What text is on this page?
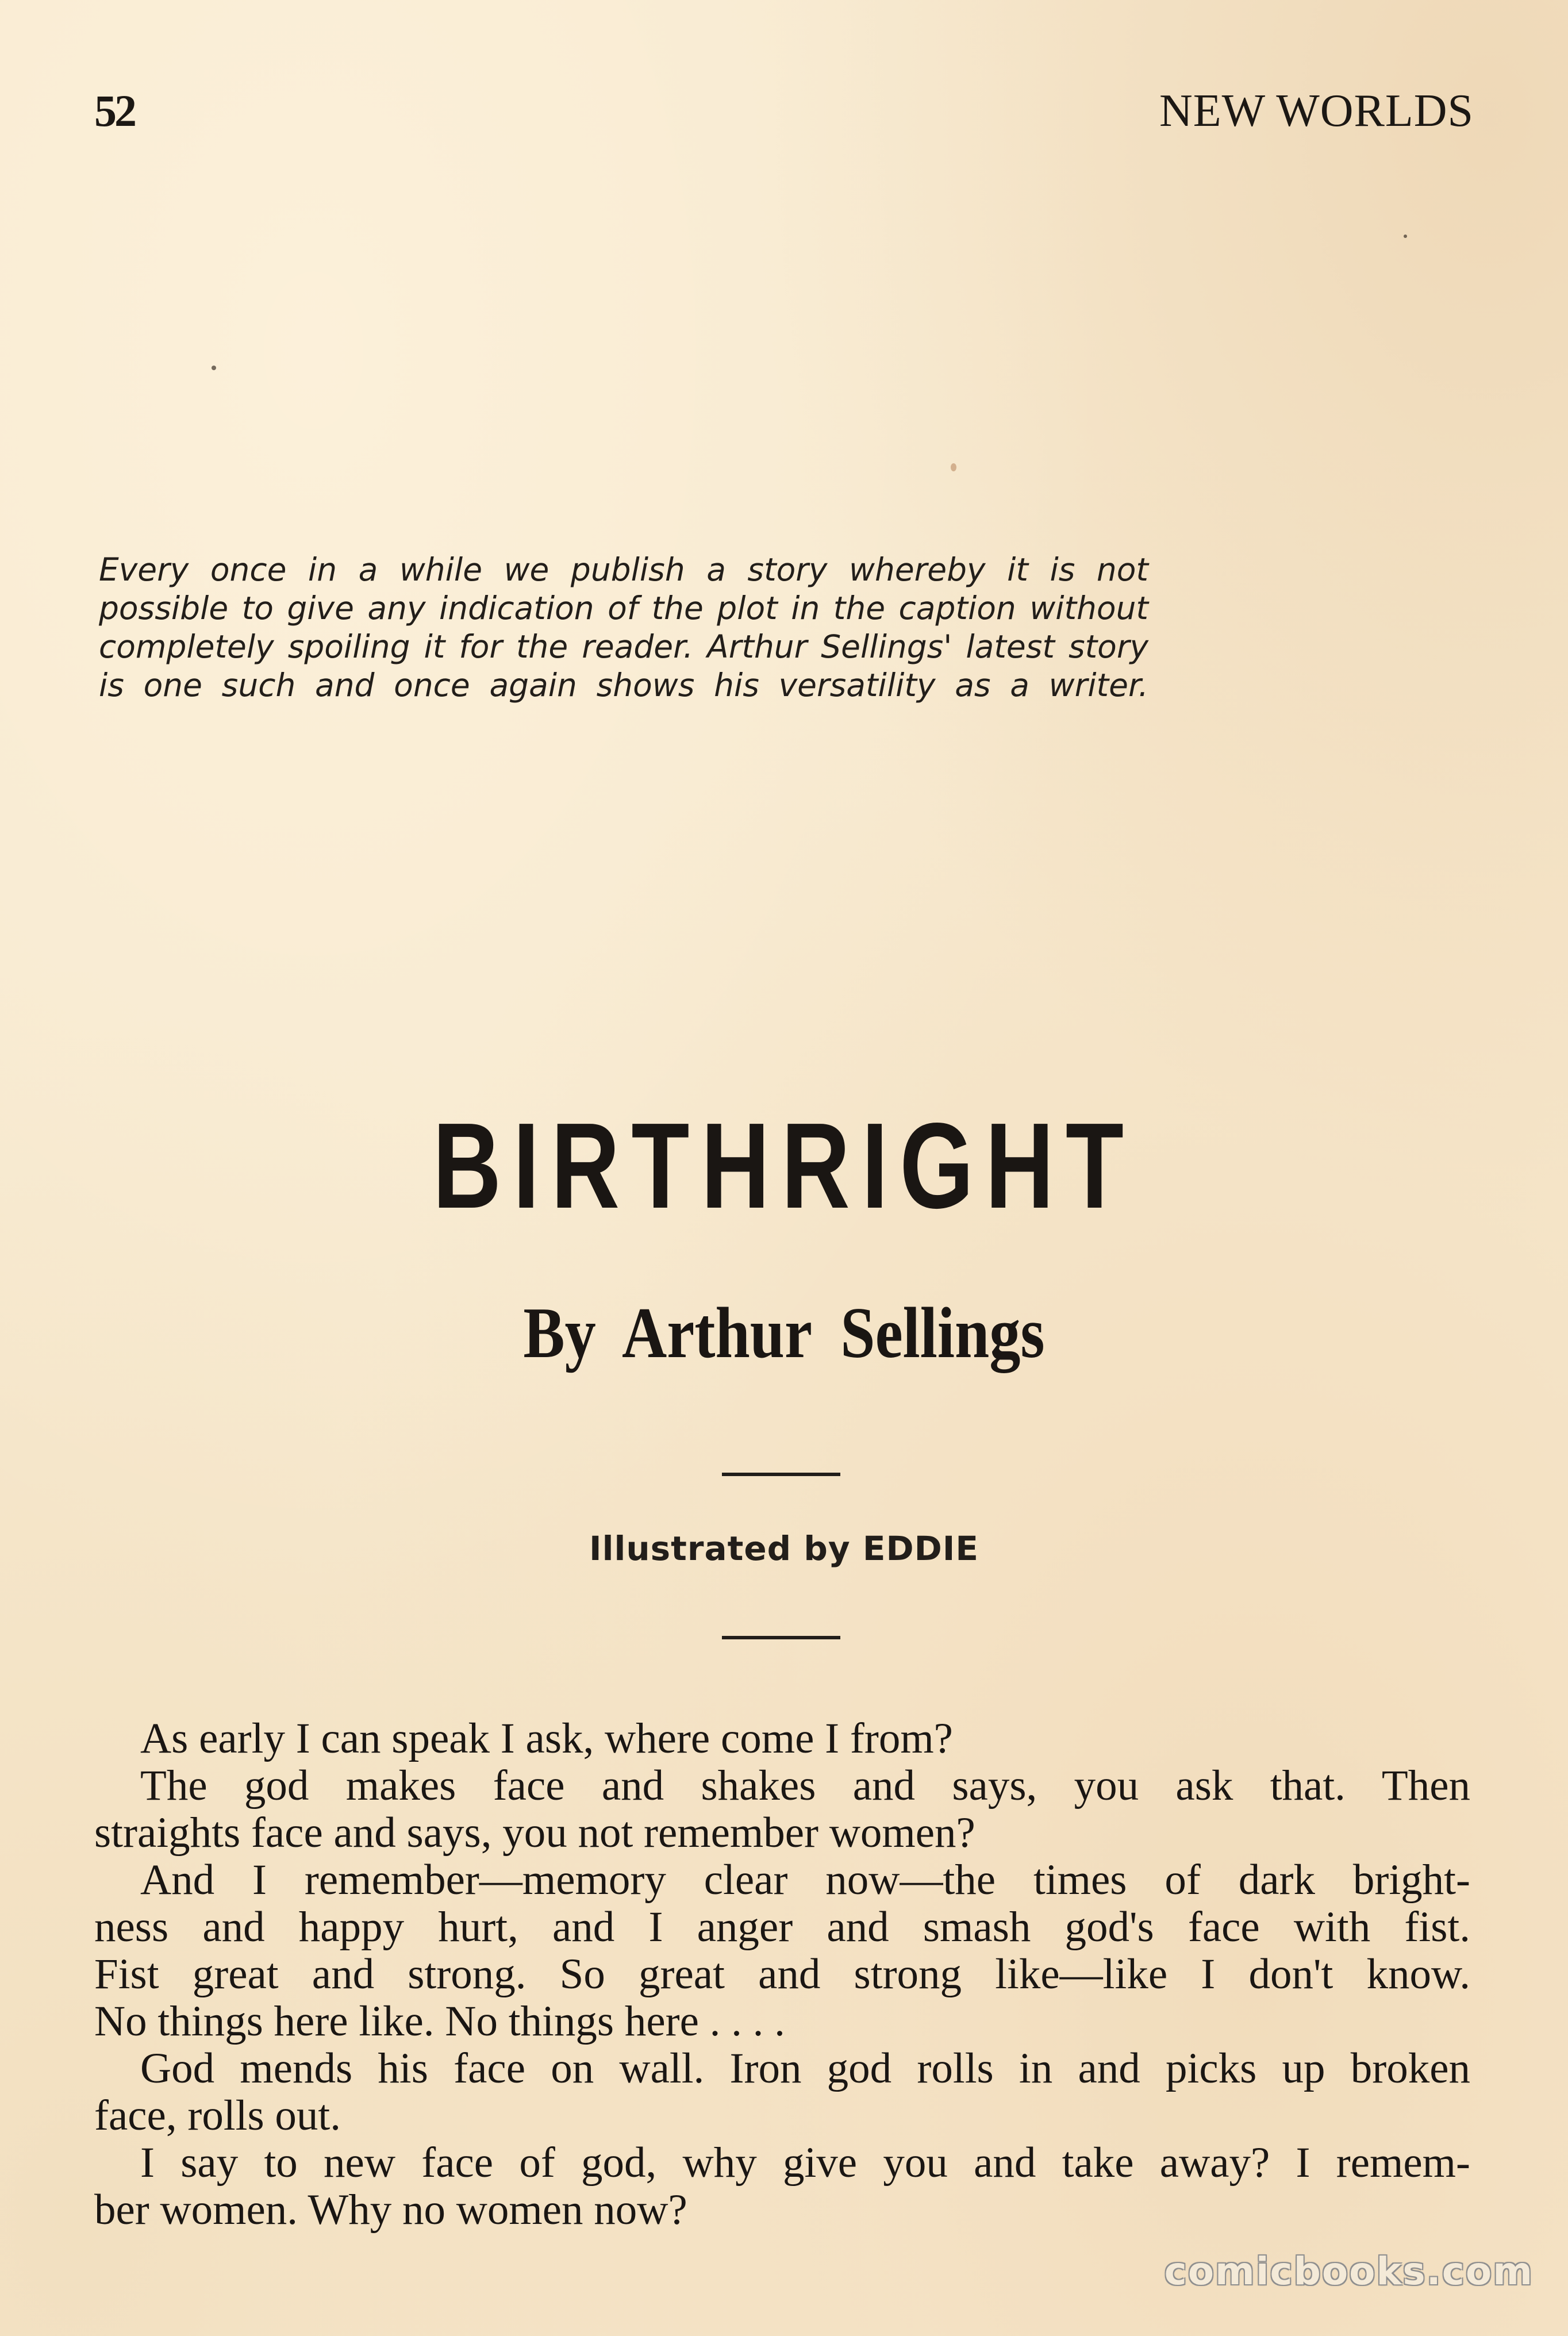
52	NEW WORLDS
Every once in a while we publish a story whereby it is not
possible to give any indication of the plot in the caption without
completely spoiling it for the reader. Arthur Sellings' latest story
is one such and once again shows his versatility as a writer.
BIRTHRIGHT
By Arthur Sellings
Illustrated by EDDIE
As early I can speak I ask, where come I from?
The god makes face and shakes and says, you ask that. Then
straights face and says, you not remember women?
And I remember—memory clear now—the times of dark bright-
ness and happy hurt, and I anger and smash god's face with fist.
Fist great and strong. So great and strong like—like I don't know.
No things here like. No things here . . . .
God mends his face on wall. Iron god rolls in and picks up broken
face, rolls out.
I say to new face of god, why give you and take away? I remem-
ber women. Why no women now?
comicbooks.com
